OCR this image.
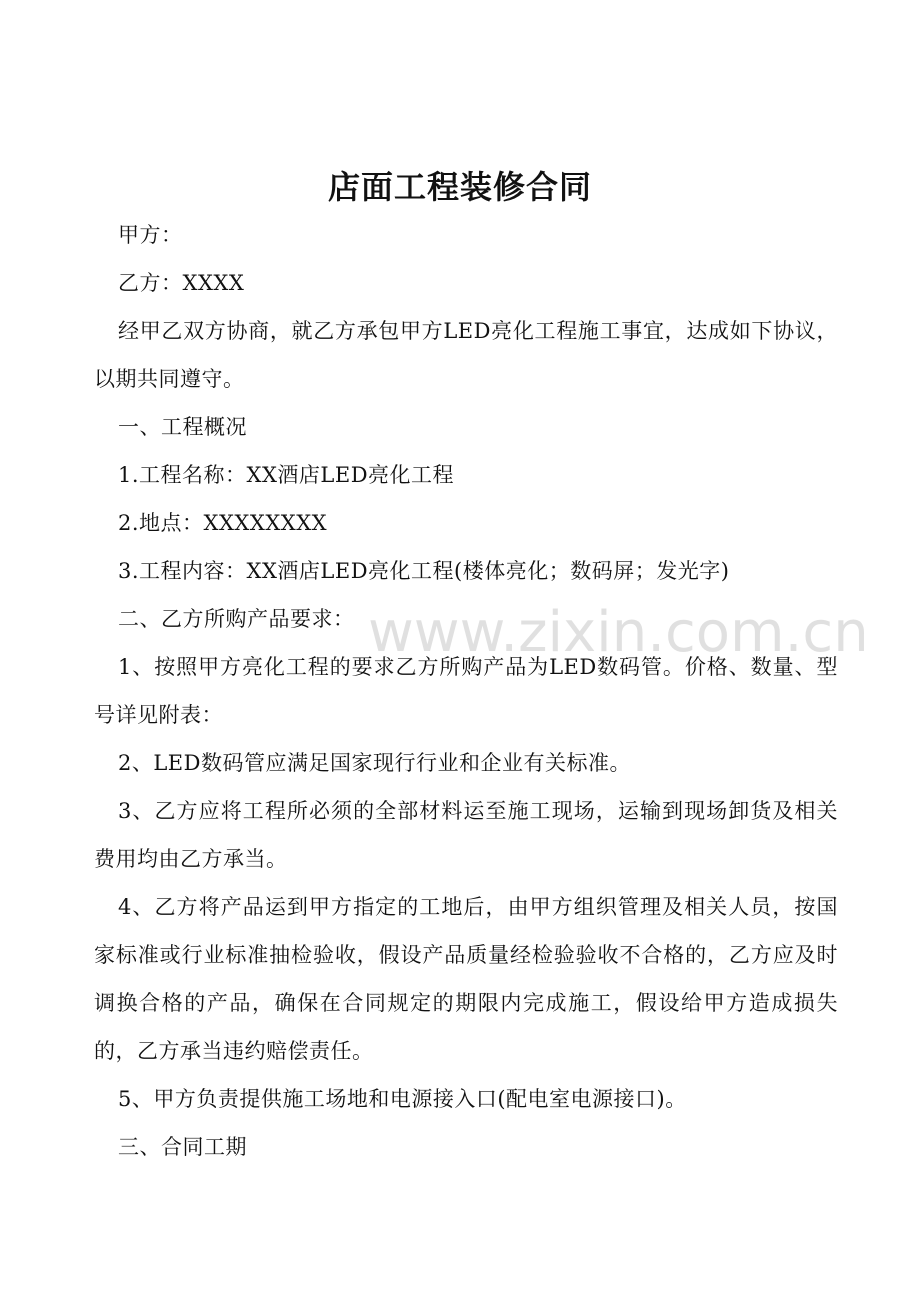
店面工程装修合同

甲方：

乙方：XXXX

经甲乙双方协商，就乙方承包甲方LED亮化工程施工事宜，达成如下协议，以期共同遵守。

一、工程概况

1.工程名称：XX酒店LED亮化工程

2.地点：XXXXXXXX

3.工程内容：XX酒店LED亮化工程(楼体亮化；数码屏；发光字)

二、乙方所购产品要求：

1、按照甲方亮化工程的要求乙方所购产品为LED数码管。价格、数量、型号详见附表：

2、LED数码管应满足国家现行行业和企业有关标准。

3、乙方应将工程所必须的全部材料运至施工现场，运输到现场卸货及相关费用均由乙方承当。

4、乙方将产品运到甲方指定的工地后，由甲方组织管理及相关人员，按国家标准或行业标准抽检验收，假设产品质量经检验验收不合格的，乙方应及时调换合格的产品，确保在合同规定的期限内完成施工，假设给甲方造成损失的，乙方承当违约赔偿责任。

5、甲方负责提供施工场地和电源接入口(配电室电源接口)。

三、合同工期

www.zixin.com.cn
